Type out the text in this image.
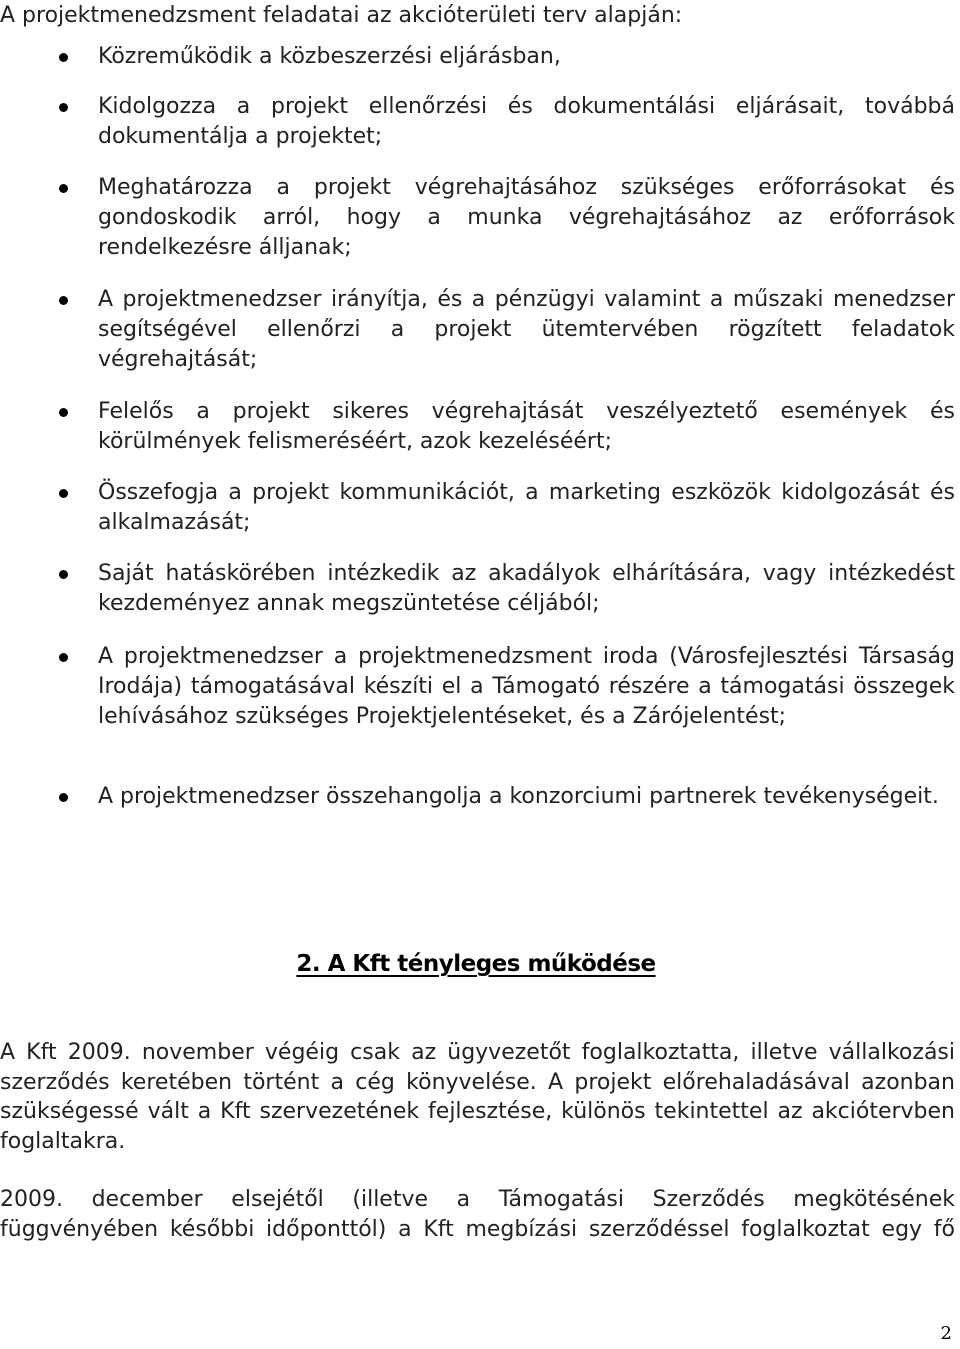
A projektmenedzsment feladatai az akcióterületi terv alapján:
Közreműködik a közbeszerzési eljárásban,
Kidolgozza a projekt ellenőrzési és dokumentálási eljárásait, továbbá dokumentálja a projektet;
Meghatározza a projekt végrehajtásához szükséges erőforrásokat és gondoskodik arról, hogy a munka végrehajtásához az erőforrások rendelkezésre álljanak;
A projektmenedzser irányítja, és a pénzügyi valamint a műszaki menedzser segítségével ellenőrzi a projekt ütemtervében rögzített feladatok végrehajtását;
Felelős a projekt sikeres végrehajtását veszélyeztető események és körülmények felismeréséért, azok kezeléséért;
Összefogja a projekt kommunikációt, a marketing eszközök kidolgozását és alkalmazását;
Saját hatáskörében intézkedik az akadályok elhárítására, vagy intézkedést kezdeményez annak megszüntetése céljából;
A projektmenedzser a projektmenedzsment iroda (Városfejlesztési Társaság Irodája) támogatásával készíti el a Támogató részére a támogatási összegek lehívásához szükséges Projektjelentéseket, és a Zárójelentést;
A projektmenedzser összehangolja a konzorciumi partnerek tevékenységeit.
2. A Kft tényleges működése

A Kft 2009. november végéig csak az ügyvezetőt foglalkoztatta, illetve vállalkozási szerződés keretében történt a cég könyvelése. A projekt előrehaladásával azonban szükségessé vált a Kft szervezetének fejlesztése, különös tekintettel az akciótervben foglaltakra.

2009. december elsejétől (illetve a Támogatási Szerződés megkötésének függvényében későbbi időponttól) a Kft megbízási szerződéssel foglalkoztat egy fő

2
